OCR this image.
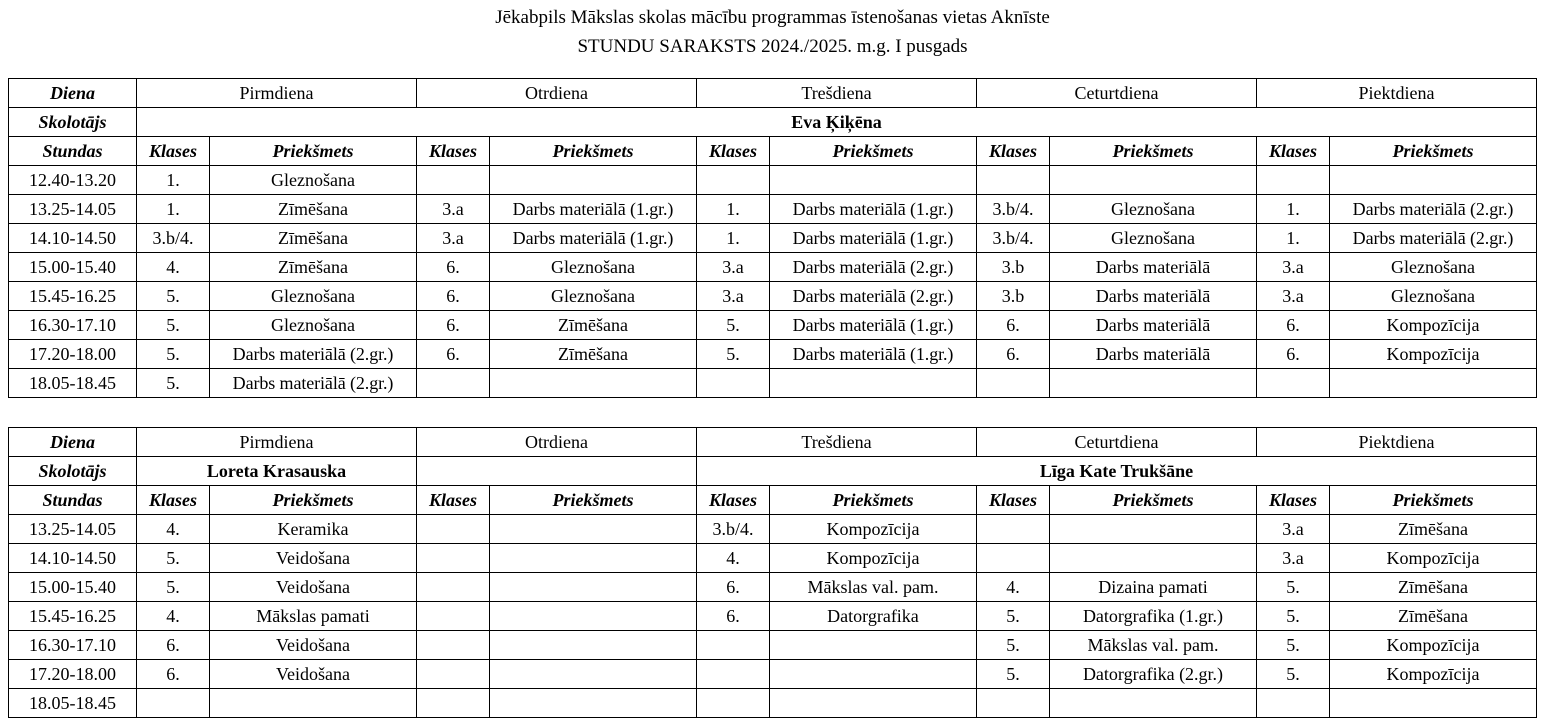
Jēkabpils Mākslas skolas mācību programmas īstenošanas vietas Aknīste
STUNDU SARAKSTS 2024./2025. m.g. I pusgads
Diena	Pirmdiena		Otrdiena		Trešdiena		Ceturtdiena		Piektdiena	
Skolotājs	Eva Ķiķēna									
Stundas	Klases	Priekšmets	Klases	Priekšmets	Klases	Priekšmets	Klases	Priekšmets	Klases	Priekšmets
12.40-13.20	1.	Gleznošana								
13.25-14.05	1.	Zīmēšana	3.a	Darbs materiālā (1.gr.)	1.	Darbs materiālā (1.gr.)	3.b/4.	Gleznošana	1.	Darbs materiālā (2.gr.)
14.10-14.50	3.b/4.	Zīmēšana	3.a	Darbs materiālā (1.gr.)	1.	Darbs materiālā (1.gr.)	3.b/4.	Gleznošana	1.	Darbs materiālā (2.gr.)
15.00-15.40	4.	Zīmēšana	6.	Gleznošana	3.a	Darbs materiālā (2.gr.)	3.b	Darbs materiālā	3.a	Gleznošana
15.45-16.25	5.	Gleznošana	6.	Gleznošana	3.a	Darbs materiālā (2.gr.)	3.b	Darbs materiālā	3.a	Gleznošana
16.30-17.10	5.	Gleznošana	6.	Zīmēšana	5.	Darbs materiālā (1.gr.)	6.	Darbs materiālā	6.	Kompozīcija
17.20-18.00	5.	Darbs materiālā (2.gr.)	6.	Zīmēšana	5.	Darbs materiālā (1.gr.)	6.	Darbs materiālā	6.	Kompozīcija
18.05-18.45	5.	Darbs materiālā (2.gr.)								
Diena	Pirmdiena		Otrdiena		Trešdiena		Ceturtdiena		Piektdiena	
Skolotājs	Loreta Krasauska				Līga Kate Trukšāne					
Stundas	Klases	Priekšmets	Klases	Priekšmets	Klases	Priekšmets	Klases	Priekšmets	Klases	Priekšmets
13.25-14.05	4.	Keramika			3.b/4.	Kompozīcija			3.a	Zīmēšana
14.10-14.50	5.	Veidošana			4.	Kompozīcija			3.a	Kompozīcija
15.00-15.40	5.	Veidošana			6.	Mākslas val. pam.	4.	Dizaina pamati	5.	Zīmēšana
15.45-16.25	4.	Mākslas pamati			6.	Datorgrafika	5.	Datorgrafika (1.gr.)	5.	Zīmēšana
16.30-17.10	6.	Veidošana					5.	Mākslas val. pam.	5.	Kompozīcija
17.20-18.00	6.	Veidošana					5.	Datorgrafika (2.gr.)	5.	Kompozīcija
18.05-18.45										
